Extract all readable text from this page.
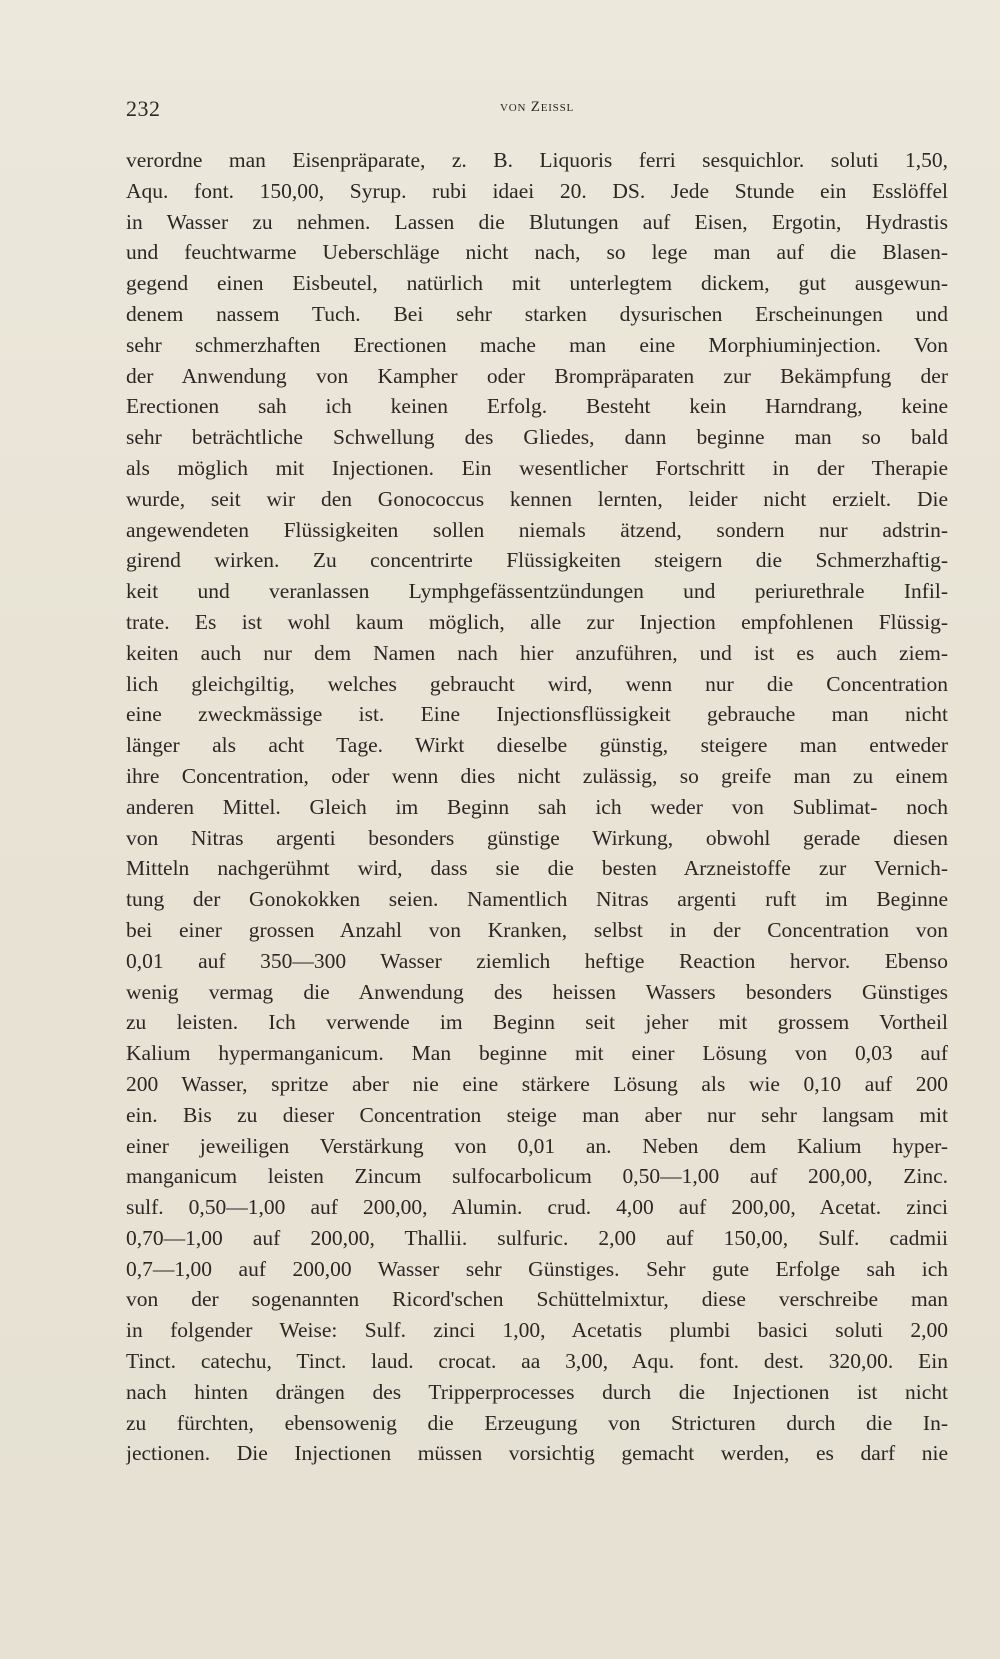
232	von Zeissl
verordne man Eisenpräparate, z. B. Liquoris ferri sesquichlor. soluti 1,50,
Aqu. font. 150,00, Syrup. rubi idaei 20. DS. Jede Stunde ein Esslöffel
in Wasser zu nehmen. Lassen die Blutungen auf Eisen, Ergotin, Hydrastis
und feuchtwarme Ueberschläge nicht nach, so lege man auf die Blasen-
gegend einen Eisbeutel, natürlich mit unterlegtem dickem, gut ausgewun-
denem nassem Tuch. Bei sehr starken dysurischen Erscheinungen und
sehr schmerzhaften Erectionen mache man eine Morphiuminjection. Von
der Anwendung von Kampher oder Brompräparaten zur Bekämpfung der
Erectionen sah ich keinen Erfolg. Besteht kein Harndrang, keine
sehr beträchtliche Schwellung des Gliedes, dann beginne man so bald
als möglich mit Injectionen. Ein wesentlicher Fortschritt in der Therapie
wurde, seit wir den Gonococcus kennen lernten, leider nicht erzielt. Die
angewendeten Flüssigkeiten sollen niemals ätzend, sondern nur adstrin-
girend wirken. Zu concentrirte Flüssigkeiten steigern die Schmerzhaftig-
keit und veranlassen Lymphgefässentzündungen und periurethrale Infil-
trate. Es ist wohl kaum möglich, alle zur Injection empfohlenen Flüssig-
keiten auch nur dem Namen nach hier anzuführen, und ist es auch ziem-
lich gleichgiltig, welches gebraucht wird, wenn nur die Concentration
eine zweckmässige ist. Eine Injectionsflüssigkeit gebrauche man nicht
länger als acht Tage. Wirkt dieselbe günstig, steigere man entweder
ihre Concentration, oder wenn dies nicht zulässig, so greife man zu einem
anderen Mittel. Gleich im Beginn sah ich weder von Sublimat- noch
von Nitras argenti besonders günstige Wirkung, obwohl gerade diesen
Mitteln nachgerühmt wird, dass sie die besten Arzneistoffe zur Vernich-
tung der Gonokokken seien. Namentlich Nitras argenti ruft im Beginne
bei einer grossen Anzahl von Kranken, selbst in der Concentration von
0,01 auf 350—300 Wasser ziemlich heftige Reaction hervor. Ebenso
wenig vermag die Anwendung des heissen Wassers besonders Günstiges
zu leisten. Ich verwende im Beginn seit jeher mit grossem Vortheil
Kalium hypermanganicum. Man beginne mit einer Lösung von 0,03 auf
200 Wasser, spritze aber nie eine stärkere Lösung als wie 0,10 auf 200
ein. Bis zu dieser Concentration steige man aber nur sehr langsam mit
einer jeweiligen Verstärkung von 0,01 an. Neben dem Kalium hyper-
manganicum leisten Zincum sulfocarbolicum 0,50—1,00 auf 200,00, Zinc.
sulf. 0,50—1,00 auf 200,00, Alumin. crud. 4,00 auf 200,00, Acetat. zinci
0,70—1,00 auf 200,00, Thallii. sulfuric. 2,00 auf 150,00, Sulf. cadmii
0,7—1,00 auf 200,00 Wasser sehr Günstiges. Sehr gute Erfolge sah ich
von der sogenannten Ricord'schen Schüttelmixtur, diese verschreibe man
in folgender Weise: Sulf. zinci 1,00, Acetatis plumbi basici soluti 2,00
Tinct. catechu, Tinct. laud. crocat. aa 3,00, Aqu. font. dest. 320,00. Ein
nach hinten drängen des Tripperprocesses durch die Injectionen ist nicht
zu fürchten, ebensowenig die Erzeugung von Stricturen durch die In-
jectionen. Die Injectionen müssen vorsichtig gemacht werden, es darf nie
